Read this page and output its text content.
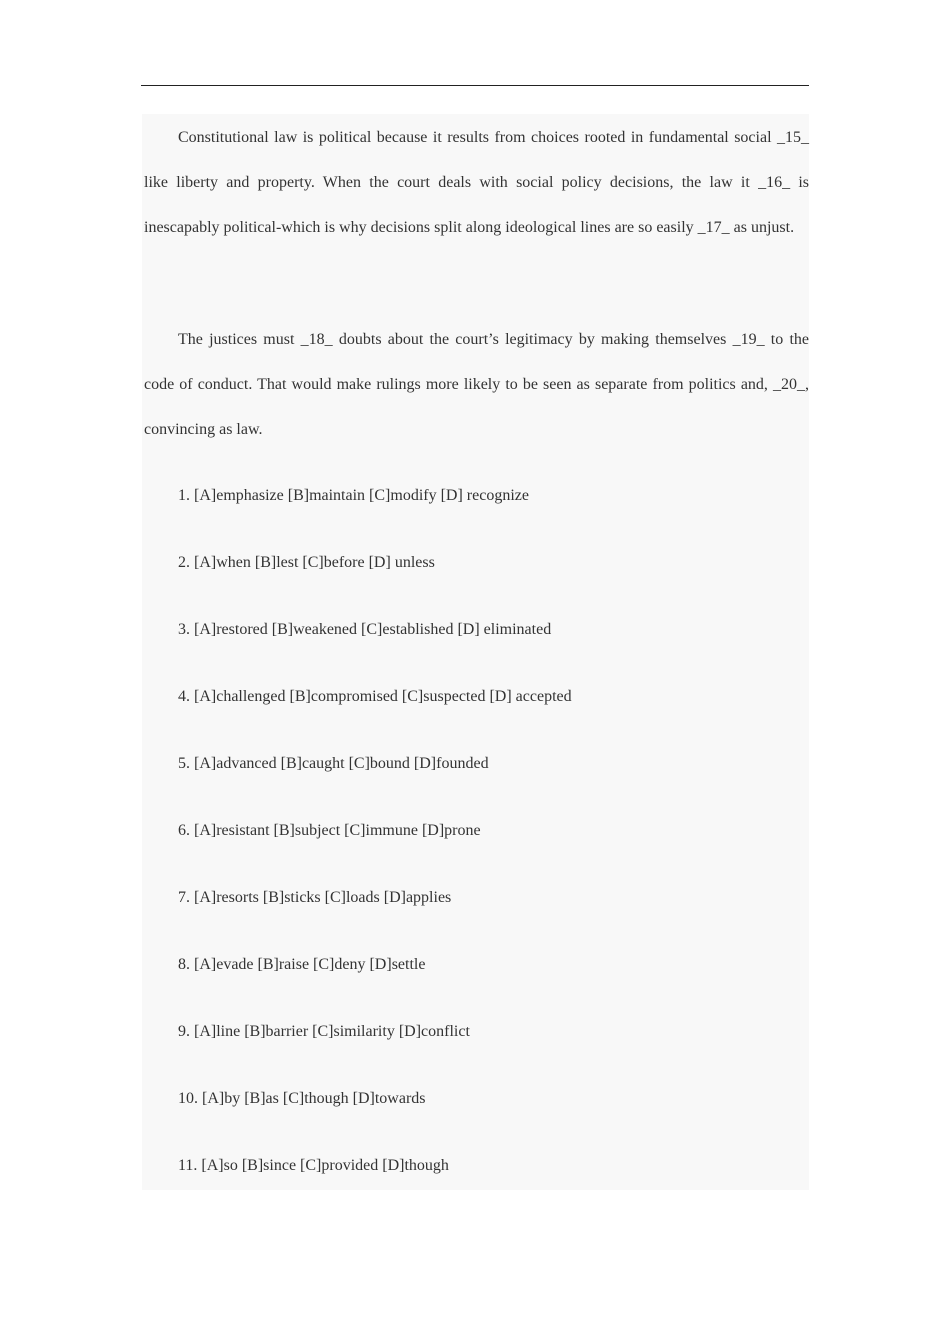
Constitutional law is political because it results from choices rooted in fundamental social _15_ like liberty and property. When the court deals with social policy decisions, the law it _16_ is inescapably political-which is why decisions split along ideological lines are so easily _17_ as unjust.

The justices must _18_ doubts about the court’s legitimacy by making themselves _19_ to the code of conduct. That would make rulings more likely to be seen as separate from politics and, _20_, convincing as law.

1. [A]emphasize [B]maintain [C]modify [D] recognize

2. [A]when [B]lest [C]before [D] unless

3. [A]restored [B]weakened [C]established [D] eliminated

4. [A]challenged [B]compromised [C]suspected [D] accepted

5. [A]advanced [B]caught [C]bound [D]founded

6. [A]resistant [B]subject [C]immune [D]prone

7. [A]resorts [B]sticks [C]loads [D]applies

8. [A]evade [B]raise [C]deny [D]settle

9. [A]line [B]barrier [C]similarity [D]conflict

10. [A]by [B]as [C]though [D]towards

11. [A]so [B]since [C]provided [D]though
